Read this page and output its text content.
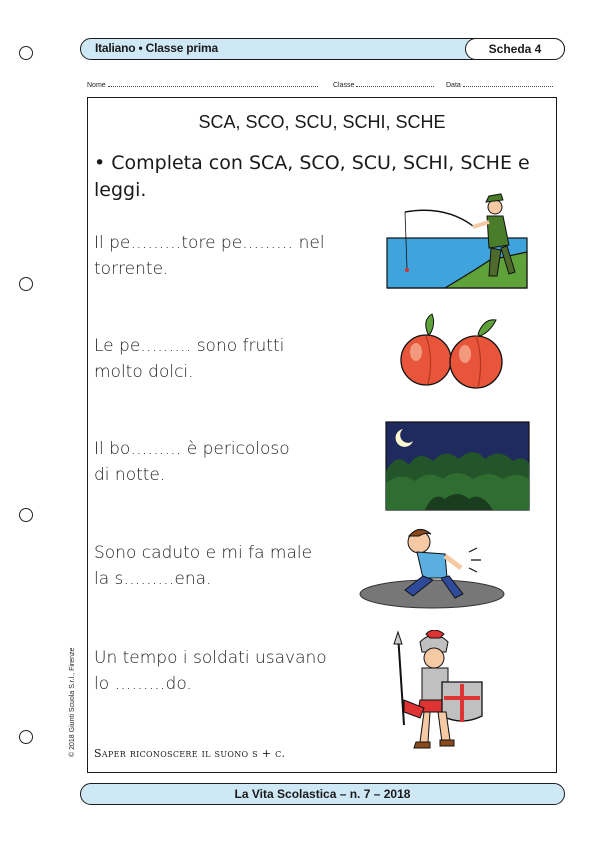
Italiano • Classe prima	Scheda 4
Nome	Classe	Data
SCA, SCO, SCU, SCHI, SCHE
• Completa con SCA, SCO, SCU, SCHI, SCHE e leggi.
Il pe………tore pe……… nel
torrente.
Le pe……… sono frutti
molto dolci.
Il bo……… è pericoloso
di notte.
Sono caduto e mi fa male
la s………ena.
Un tempo i soldati usavano
lo ………do.
Saper riconoscere il suono s + c.
© 2018 Giunti Scuola S.r.l., Firenze
La Vita Scolastica – n. 7 – 2018
